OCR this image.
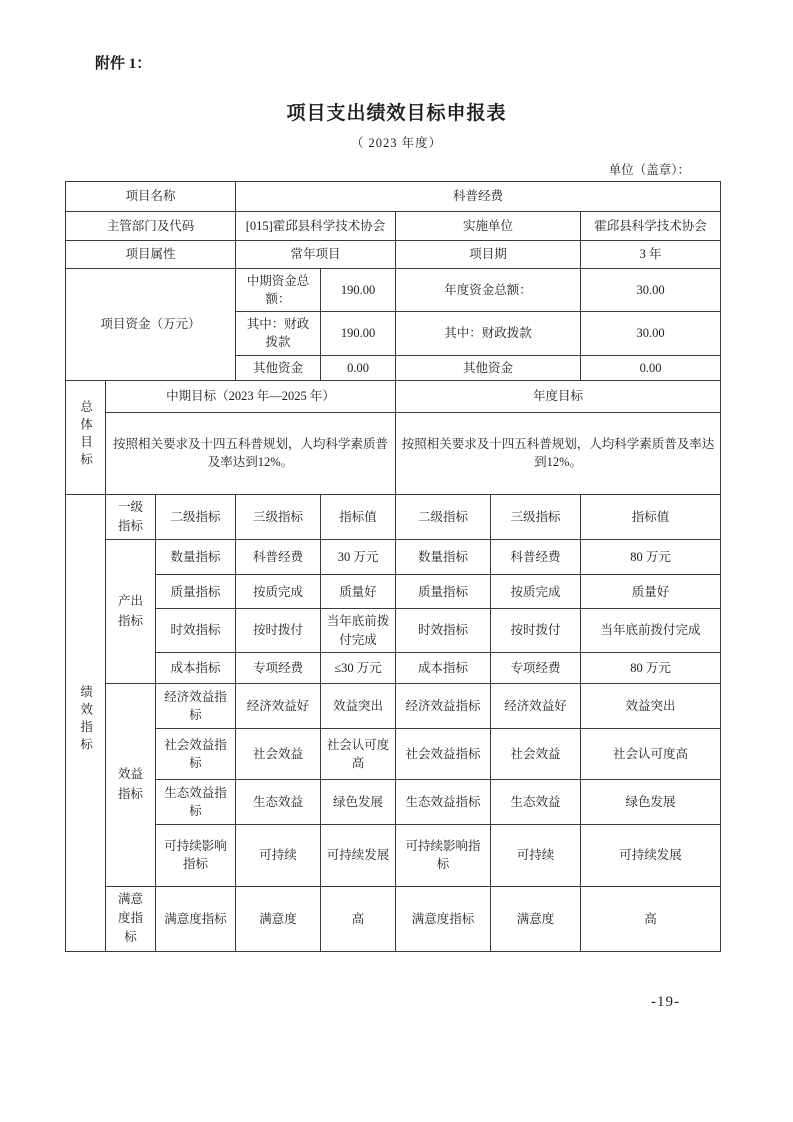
附件 1：
项目支出绩效目标申报表
（ 2023 年度）
单位（盖章）：
项目名称			科普经费				
主管部门及代码			[015]霍邱县科学技术协会		实施单位		霍邱县科学技术协会
项目属性			常年项目		项目期		3 年
项目资金（万元）			中期资金总额：	190.00	年度资金总额：		30.00
			其中：财政拨款	190.00	其中：财政拨款		30.00
			其他资金	0.00	其他资金		0.00
总体目标	中期目标（2023 年—2025 年）				年度目标		
	按照相关要求及十四五科普规划，人均科学素质普及率达到12%。				按照相关要求及十四五科普规划，人均科学素质普及率达到12%。		
绩效指标	一级指标	二级指标	三级指标	指标值	二级指标	三级指标	指标值
	产出指标	数量指标	科普经费	30 万元	数量指标	科普经费	80 万元
		质量指标	按质完成	质量好	质量指标	按质完成	质量好
		时效指标	按时拨付	当年底前拨付完成	时效指标	按时拨付	当年底前拨付完成
		成本指标	专项经费	≤30 万元	成本指标	专项经费	80 万元
	效益指标	经济效益指标	经济效益好	效益突出	经济效益指标	经济效益好	效益突出
		社会效益指标	社会效益	社会认可度高	社会效益指标	社会效益	社会认可度高
		生态效益指标	生态效益	绿色发展	生态效益指标	生态效益	绿色发展
		可持续影响指标	可持续	可持续发展	可持续影响指标	可持续	可持续发展
	满意度指标	满意度指标	满意度	高	满意度指标	满意度	高
-19-
